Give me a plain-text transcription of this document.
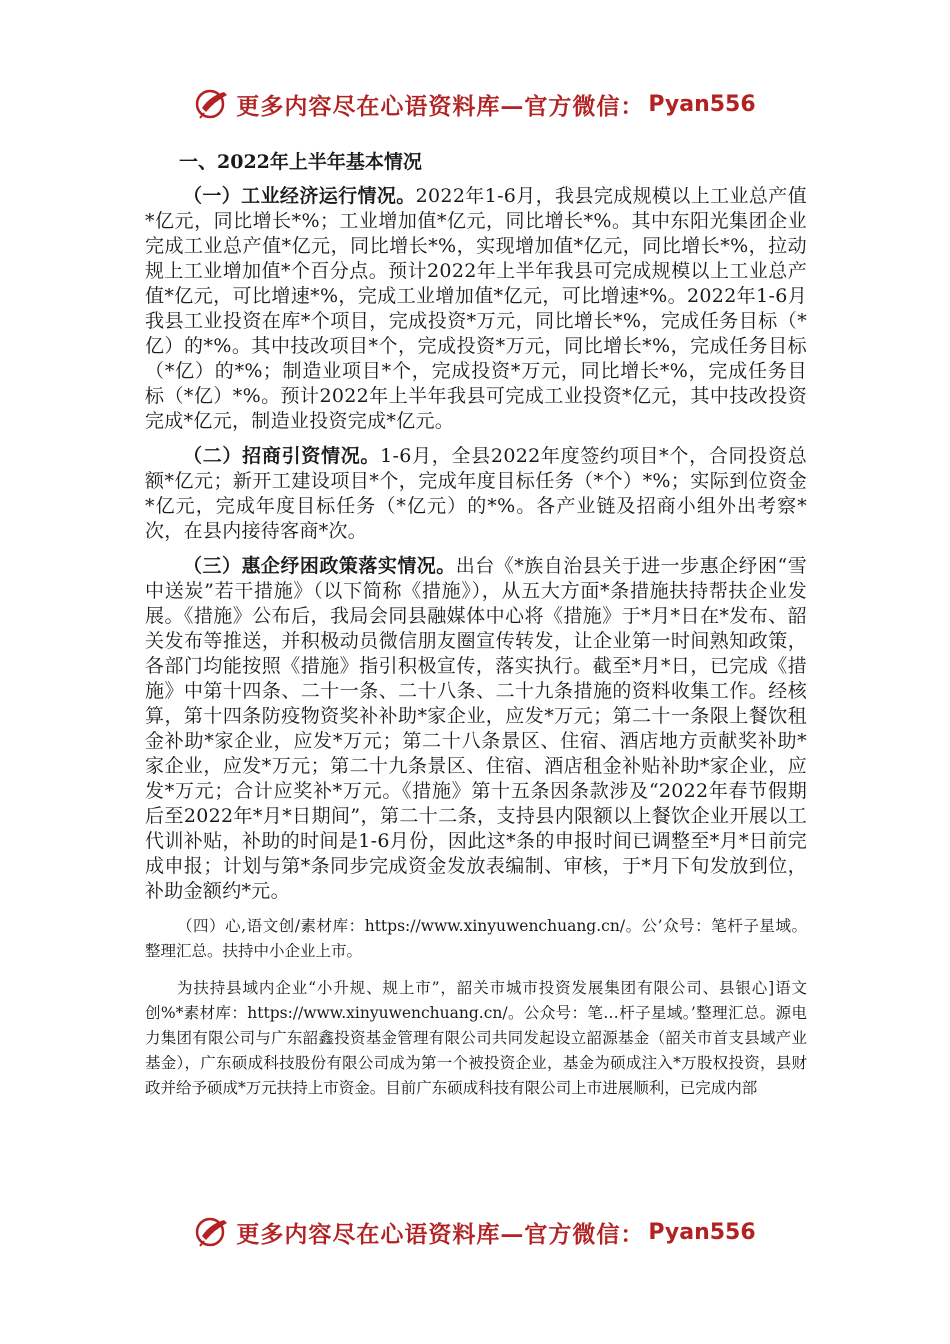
更多内容尽在心语资料库—官方微信： Pyan556
一、2022年上半年基本情况

（一）工业经济运行情况。2022年1-6月，我县完成规模以上工业总产值*亿元，同比增长*%；工业增加值*亿元，同比增长*%。其中东阳光集团企业完成工业总产值*亿元，同比增长*%，实现增加值*亿元，同比增长*%，拉动规上工业增加值*个百分点。预计2022年上半年我县可完成规模以上工业总产值*亿元，可比增速*%，完成工业增加值*亿元，可比增速*%。2022年1-6月我县工业投资在库*个项目，完成投资*万元，同比增长*%，完成任务目标（*亿）的*%。其中技改项目*个，完成投资*万元，同比增长*%，完成任务目标（*亿）的*%；制造业项目*个，完成投资*万元，同比增长*%，完成任务目标（*亿）*%。预计2022年上半年我县可完成工业投资*亿元，其中技改投资完成*亿元，制造业投资完成*亿元。

（二）招商引资情况。1-6月，全县2022年度签约项目*个，合同投资总额*亿元；新开工建设项目*个，完成年度目标任务（*个）*%；实际到位资金*亿元，完成年度目标任务（*亿元）的*%。各产业链及招商小组外出考察*次，在县内接待客商*次。

（三）惠企纾困政策落实情况。出台《*族自治县关于进一步惠企纾困“雪中送炭”若干措施》（以下简称《措施》），从五大方面*条措施扶持帮扶企业发展。《措施》公布后，我局会同县融媒体中心将《措施》于*月*日在*发布、韶关发布等推送，并积极动员微信朋友圈宣传转发，让企业第一时间熟知政策，各部门均能按照《措施》指引积极宣传，落实执行。截至*月*日，已完成《措施》中第十四条、二十一条、二十八条、二十九条措施的资料收集工作。经核算，第十四条防疫物资奖补补助*家企业，应发*万元；第二十一条限上餐饮租金补助*家企业，应发*万元；第二十八条景区、住宿、酒店地方贡献奖补助*家企业，应发*万元；第二十九条景区、住宿、酒店租金补贴补助*家企业，应发*万元；合计应奖补*万元。《措施》第十五条因条款涉及“2022年春节假期后至2022年*月*日期间”，第二十二条，支持县内限额以上餐饮企业开展以工代训补贴，补助的时间是1-6月份，因此这*条的申报时间已调整至*月*日前完成申报；计划与第*条同步完成资金发放表编制、审核，于*月下旬发放到位，补助金额约*元。

（四）心,语文创/素材库：https://www.xinyuwenchuang.cn/。公’众号：笔杆子星域。整理汇总。扶持中小企业上市。

为扶持县域内企业“小升规、规上市”，韶关市城市投资发展集团有限公司、县银心]语文创%*素材库：https://www.xinyuwenchuang.cn/。公众号：笔…杆子星域。’整理汇总。源电力集团有限公司与广东韶鑫投资基金管理有限公司共同发起设立韶源基金（韶关市首支县域产业基金），广东硕成科技股份有限公司成为第一个被投资企业，基金为硕成注入*万股权投资，县财政并给予硕成*万元扶持上市资金。目前广东硕成科技有限公司上市进展顺利，已完成内部

更多内容尽在心语资料库—官方微信： Pyan556
